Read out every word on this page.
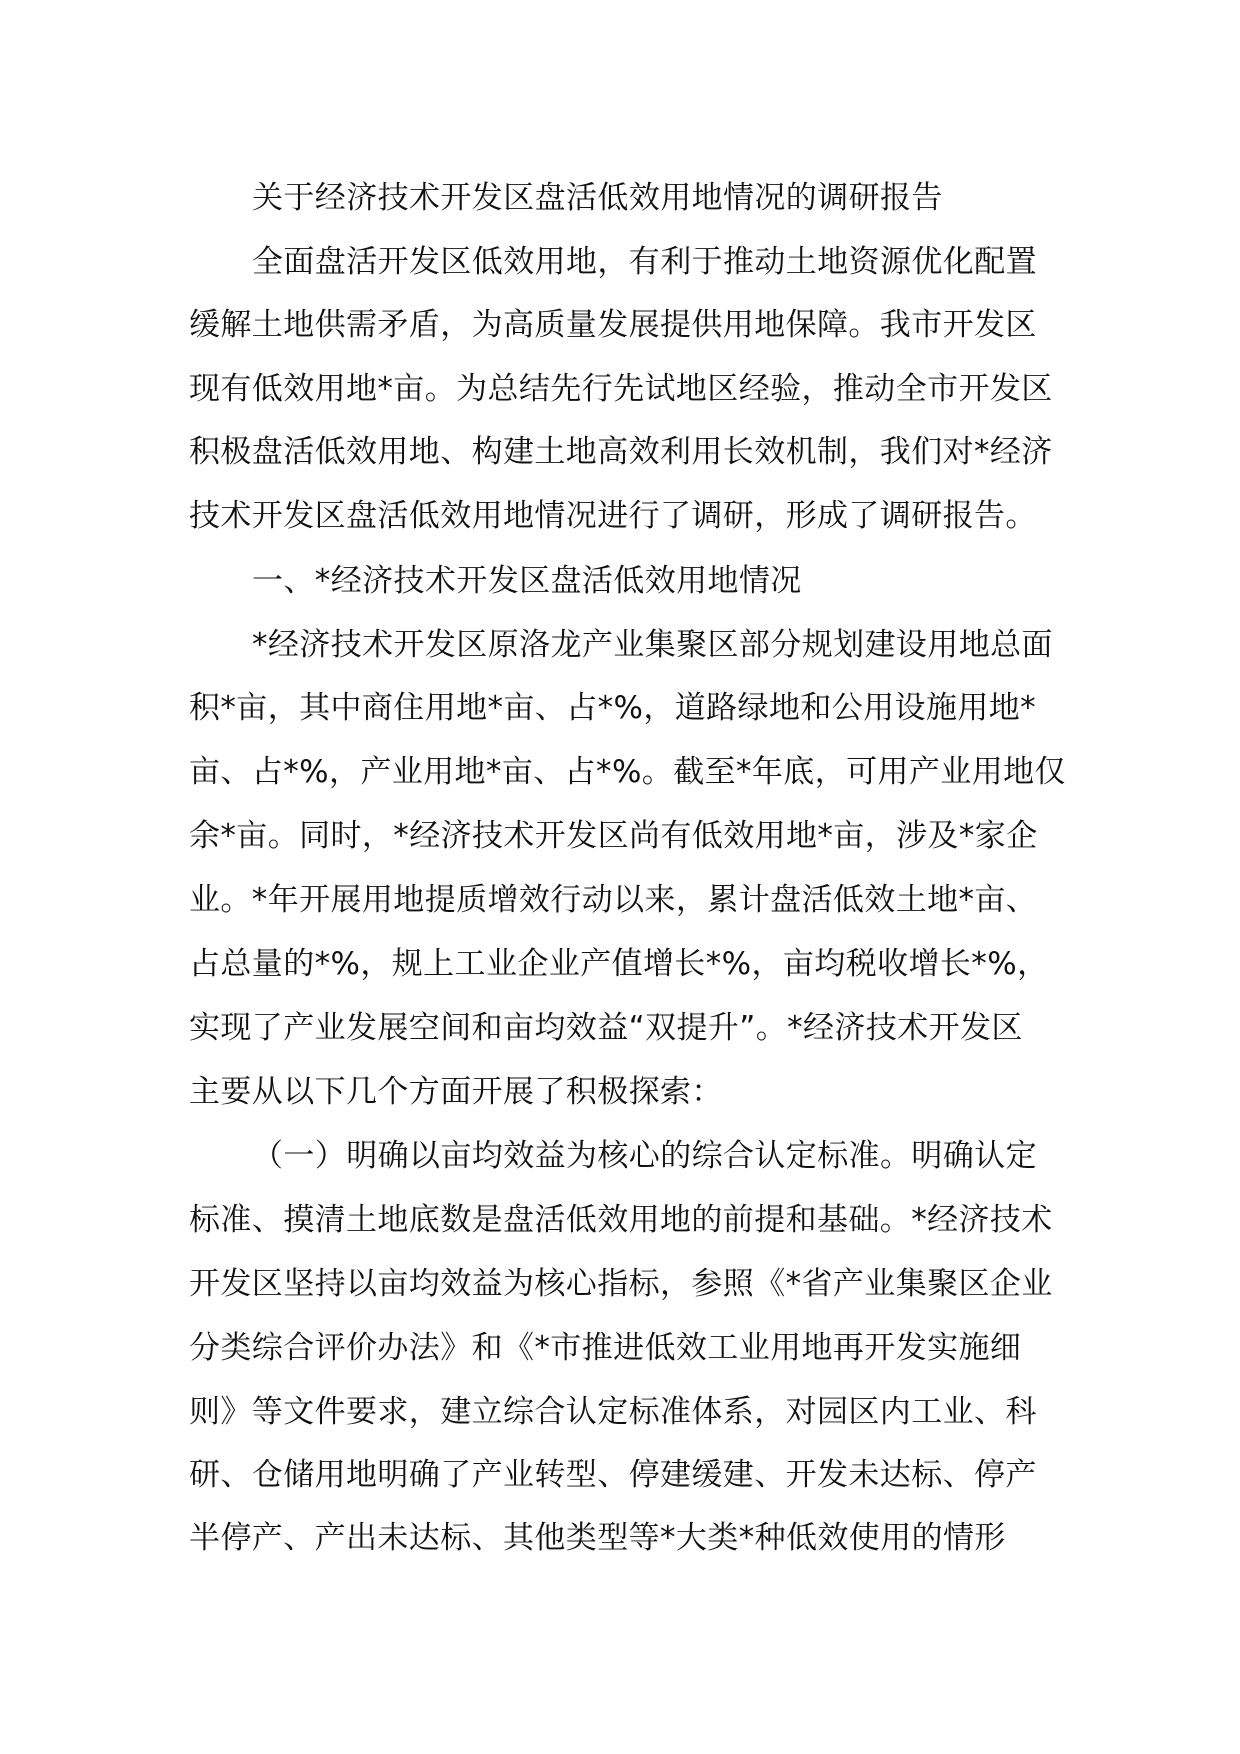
关于经济技术开发区盘活低效用地情况的调研报告
全面盘活开发区低效用地，有利于推动土地资源优化配置
缓解土地供需矛盾，为高质量发展提供用地保障。我市开发区
现有低效用地*亩。为总结先行先试地区经验，推动全市开发区
积极盘活低效用地、构建土地高效利用长效机制，我们对*经济
技术开发区盘活低效用地情况进行了调研，形成了调研报告。
一、*经济技术开发区盘活低效用地情况
*经济技术开发区原洛龙产业集聚区部分规划建设用地总面
积*亩，其中商住用地*亩、占*%，道路绿地和公用设施用地*
亩、占*%，产业用地*亩、占*%。截至*年底，可用产业用地仅
余*亩。同时，*经济技术开发区尚有低效用地*亩，涉及*家企
业。*年开展用地提质增效行动以来，累计盘活低效土地*亩、
占总量的*%，规上工业企业产值增长*%，亩均税收增长*%，
实现了产业发展空间和亩均效益“双提升”。*经济技术开发区
主要从以下几个方面开展了积极探索：
（一）明确以亩均效益为核心的综合认定标准。明确认定
标准、摸清土地底数是盘活低效用地的前提和基础。*经济技术
开发区坚持以亩均效益为核心指标，参照《*省产业集聚区企业
分类综合评价办法》和《*市推进低效工业用地再开发实施细
则》等文件要求，建立综合认定标准体系，对园区内工业、科
研、仓储用地明确了产业转型、停建缓建、开发未达标、停产
半停产、产出未达标、其他类型等*大类*种低效使用的情形
